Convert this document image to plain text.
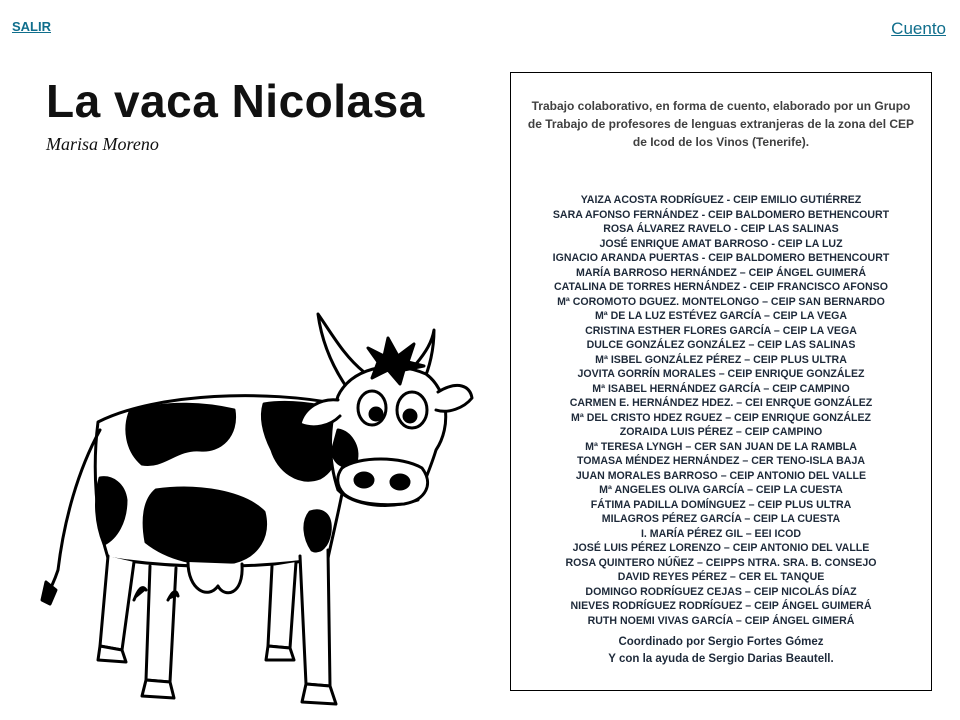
SALIR	Cuento
La vaca Nicolasa
Marisa Moreno

Trabajo colaborativo, en forma de cuento, elaborado por un Grupo de Trabajo de profesores de lenguas extranjeras de la zona del CEP de Icod de los Vinos (Tenerife).

YAIZA ACOSTA RODRÍGUEZ - CEIP EMILIO GUTIÉRREZ
SARA AFONSO FERNÁNDEZ - CEIP BALDOMERO BETHENCOURT
ROSA ÁLVAREZ RAVELO - CEIP LAS SALINAS
JOSÉ ENRIQUE AMAT BARROSO - CEIP LA LUZ
IGNACIO ARANDA PUERTAS - CEIP BALDOMERO BETHENCOURT
MARÍA BARROSO HERNÁNDEZ – CEIP ÁNGEL GUIMERÁ
CATALINA DE TORRES HERNÁNDEZ - CEIP FRANCISCO AFONSO
Mª COROMOTO DGUEZ. MONTELONGO – CEIP SAN BERNARDO
Mª DE LA LUZ ESTÉVEZ GARCÍA – CEIP LA VEGA
CRISTINA ESTHER FLORES GARCÍA – CEIP LA VEGA
DULCE GONZÁLEZ GONZÁLEZ – CEIP LAS SALINAS
Mª ISBEL GONZÁLEZ PÉREZ – CEIP PLUS ULTRA
JOVITA GORRÍN MORALES – CEIP ENRIQUE GONZÁLEZ
Mª ISABEL HERNÁNDEZ GARCÍA – CEIP CAMPINO
CARMEN E. HERNÁNDEZ HDEZ. – CEI ENRQUE GONZÁLEZ
Mª DEL CRISTO HDEZ RGUEZ – CEIP ENRIQUE GONZÁLEZ
ZORAIDA LUIS PÉREZ – CEIP CAMPINO
Mª TERESA LYNGH – CER SAN JUAN DE LA RAMBLA
TOMASA MÉNDEZ HERNÁNDEZ – CER TENO-ISLA BAJA
JUAN MORALES BARROSO – CEIP ANTONIO DEL VALLE
Mª ANGELES OLIVA GARCÍA – CEIP LA CUESTA
FÁTIMA PADILLA DOMÍNGUEZ – CEIP PLUS ULTRA
MILAGROS PÉREZ GARCÍA – CEIP LA CUESTA
I. MARÍA PÉREZ GIL – EEI ICOD
JOSÉ LUIS PÉREZ LORENZO – CEIP ANTONIO DEL VALLE
ROSA QUINTERO NÚÑEZ – CEIPPS NTRA. SRA. B. CONSEJO
DAVID REYES PÉREZ – CER EL TANQUE
DOMINGO RODRÍGUEZ CEJAS – CEIP NICOLÁS DÍAZ
NIEVES RODRÍGUEZ RODRÍGUEZ – CEIP ÁNGEL GUIMERÁ
RUTH NOEMI VIVAS GARCÍA – CEIP ÁNGEL GIMERÁ
Coordinado por Sergio Fortes Gómez
Y con la ayuda de Sergio Darias Beautell.
